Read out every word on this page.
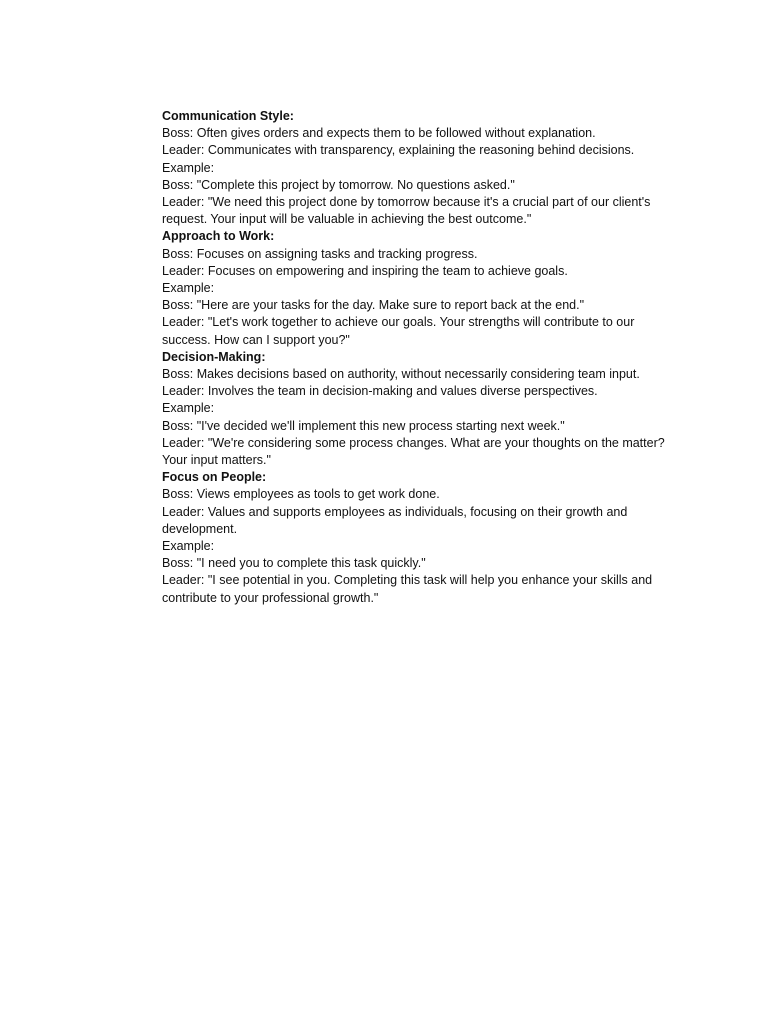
Communication Style:
Boss: Often gives orders and expects them to be followed without explanation.
Leader: Communicates with transparency, explaining the reasoning behind decisions.
Example:
Boss: "Complete this project by tomorrow. No questions asked."
Leader: "We need this project done by tomorrow because it's a crucial part of our client's
request. Your input will be valuable in achieving the best outcome."
Approach to Work:
Boss: Focuses on assigning tasks and tracking progress.
Leader: Focuses on empowering and inspiring the team to achieve goals.
Example:
Boss: "Here are your tasks for the day. Make sure to report back at the end."
Leader: "Let's work together to achieve our goals. Your strengths will contribute to our
success. How can I support you?"
Decision-Making:
Boss: Makes decisions based on authority, without necessarily considering team input.
Leader: Involves the team in decision-making and values diverse perspectives.
Example:
Boss: "I've decided we'll implement this new process starting next week."
Leader: "We're considering some process changes. What are your thoughts on the matter?
Your input matters."
Focus on People:
Boss: Views employees as tools to get work done.
Leader: Values and supports employees as individuals, focusing on their growth and
development.
Example:
Boss: "I need you to complete this task quickly."
Leader: "I see potential in you. Completing this task will help you enhance your skills and
contribute to your professional growth."
